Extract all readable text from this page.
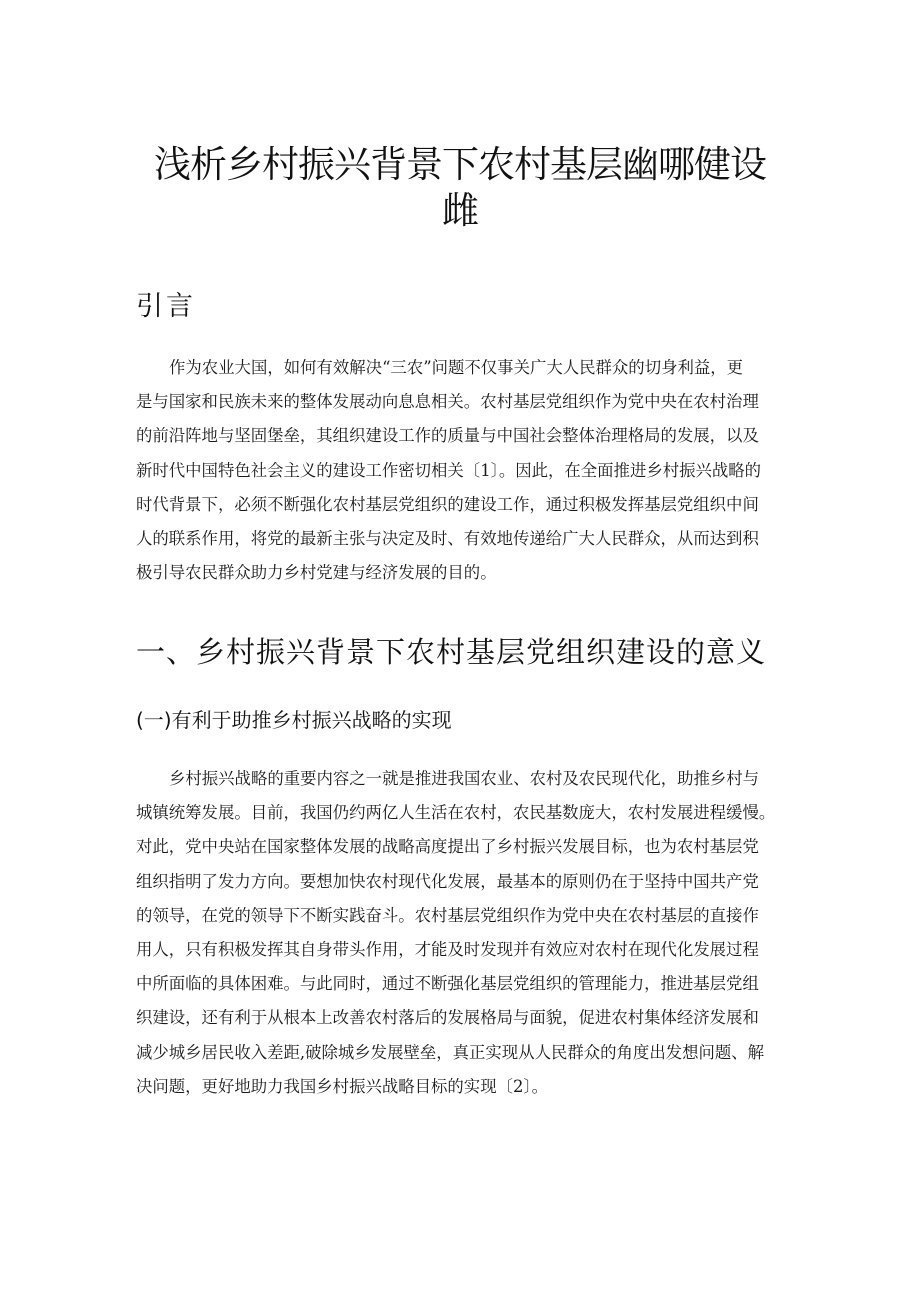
浅析乡村振兴背景下农村基层幽哪健设
雌
引言
作为农业大国，如何有效解决“三农”问题不仅事关广大人民群众的切身利益，更
是与国家和民族未来的整体发展动向息息相关。农村基层党组织作为党中央在农村治理
的前沿阵地与坚固堡垒，其组织建设工作的质量与中国社会整体治理格局的发展，以及
新时代中国特色社会主义的建设工作密切相关〔1〕。因此，在全面推进乡村振兴战略的
时代背景下，必须不断强化农村基层党组织的建设工作，通过积极发挥基层党组织中间
人的联系作用，将党的最新主张与决定及时、有效地传递给广大人民群众，从而达到积
极引导农民群众助力乡村党建与经济发展的目的。
一、乡村振兴背景下农村基层党组织建设的意义
(一)有利于助推乡村振兴战略的实现
乡村振兴战略的重要内容之一就是推进我国农业、农村及农民现代化，助推乡村与
城镇统筹发展。目前，我国仍约两亿人生活在农村，农民基数庞大，农村发展进程缓慢。
对此，党中央站在国家整体发展的战略高度提出了乡村振兴发展目标，也为农村基层党
组织指明了发力方向。要想加快农村现代化发展，最基本的原则仍在于坚持中国共产党
的领导，在党的领导下不断实践奋斗。农村基层党组织作为党中央在农村基层的直接作
用人，只有积极发挥其自身带头作用，才能及时发现并有效应对农村在现代化发展过程
中所面临的具体困难。与此同时，通过不断强化基层党组织的管理能力，推进基层党组
织建设，还有利于从根本上改善农村落后的发展格局与面貌，促进农村集体经济发展和
减少城乡居民收入差距,破除城乡发展壁垒，真正实现从人民群众的角度出发想问题、解
决问题，更好地助力我国乡村振兴战略目标的实现〔2〕。
